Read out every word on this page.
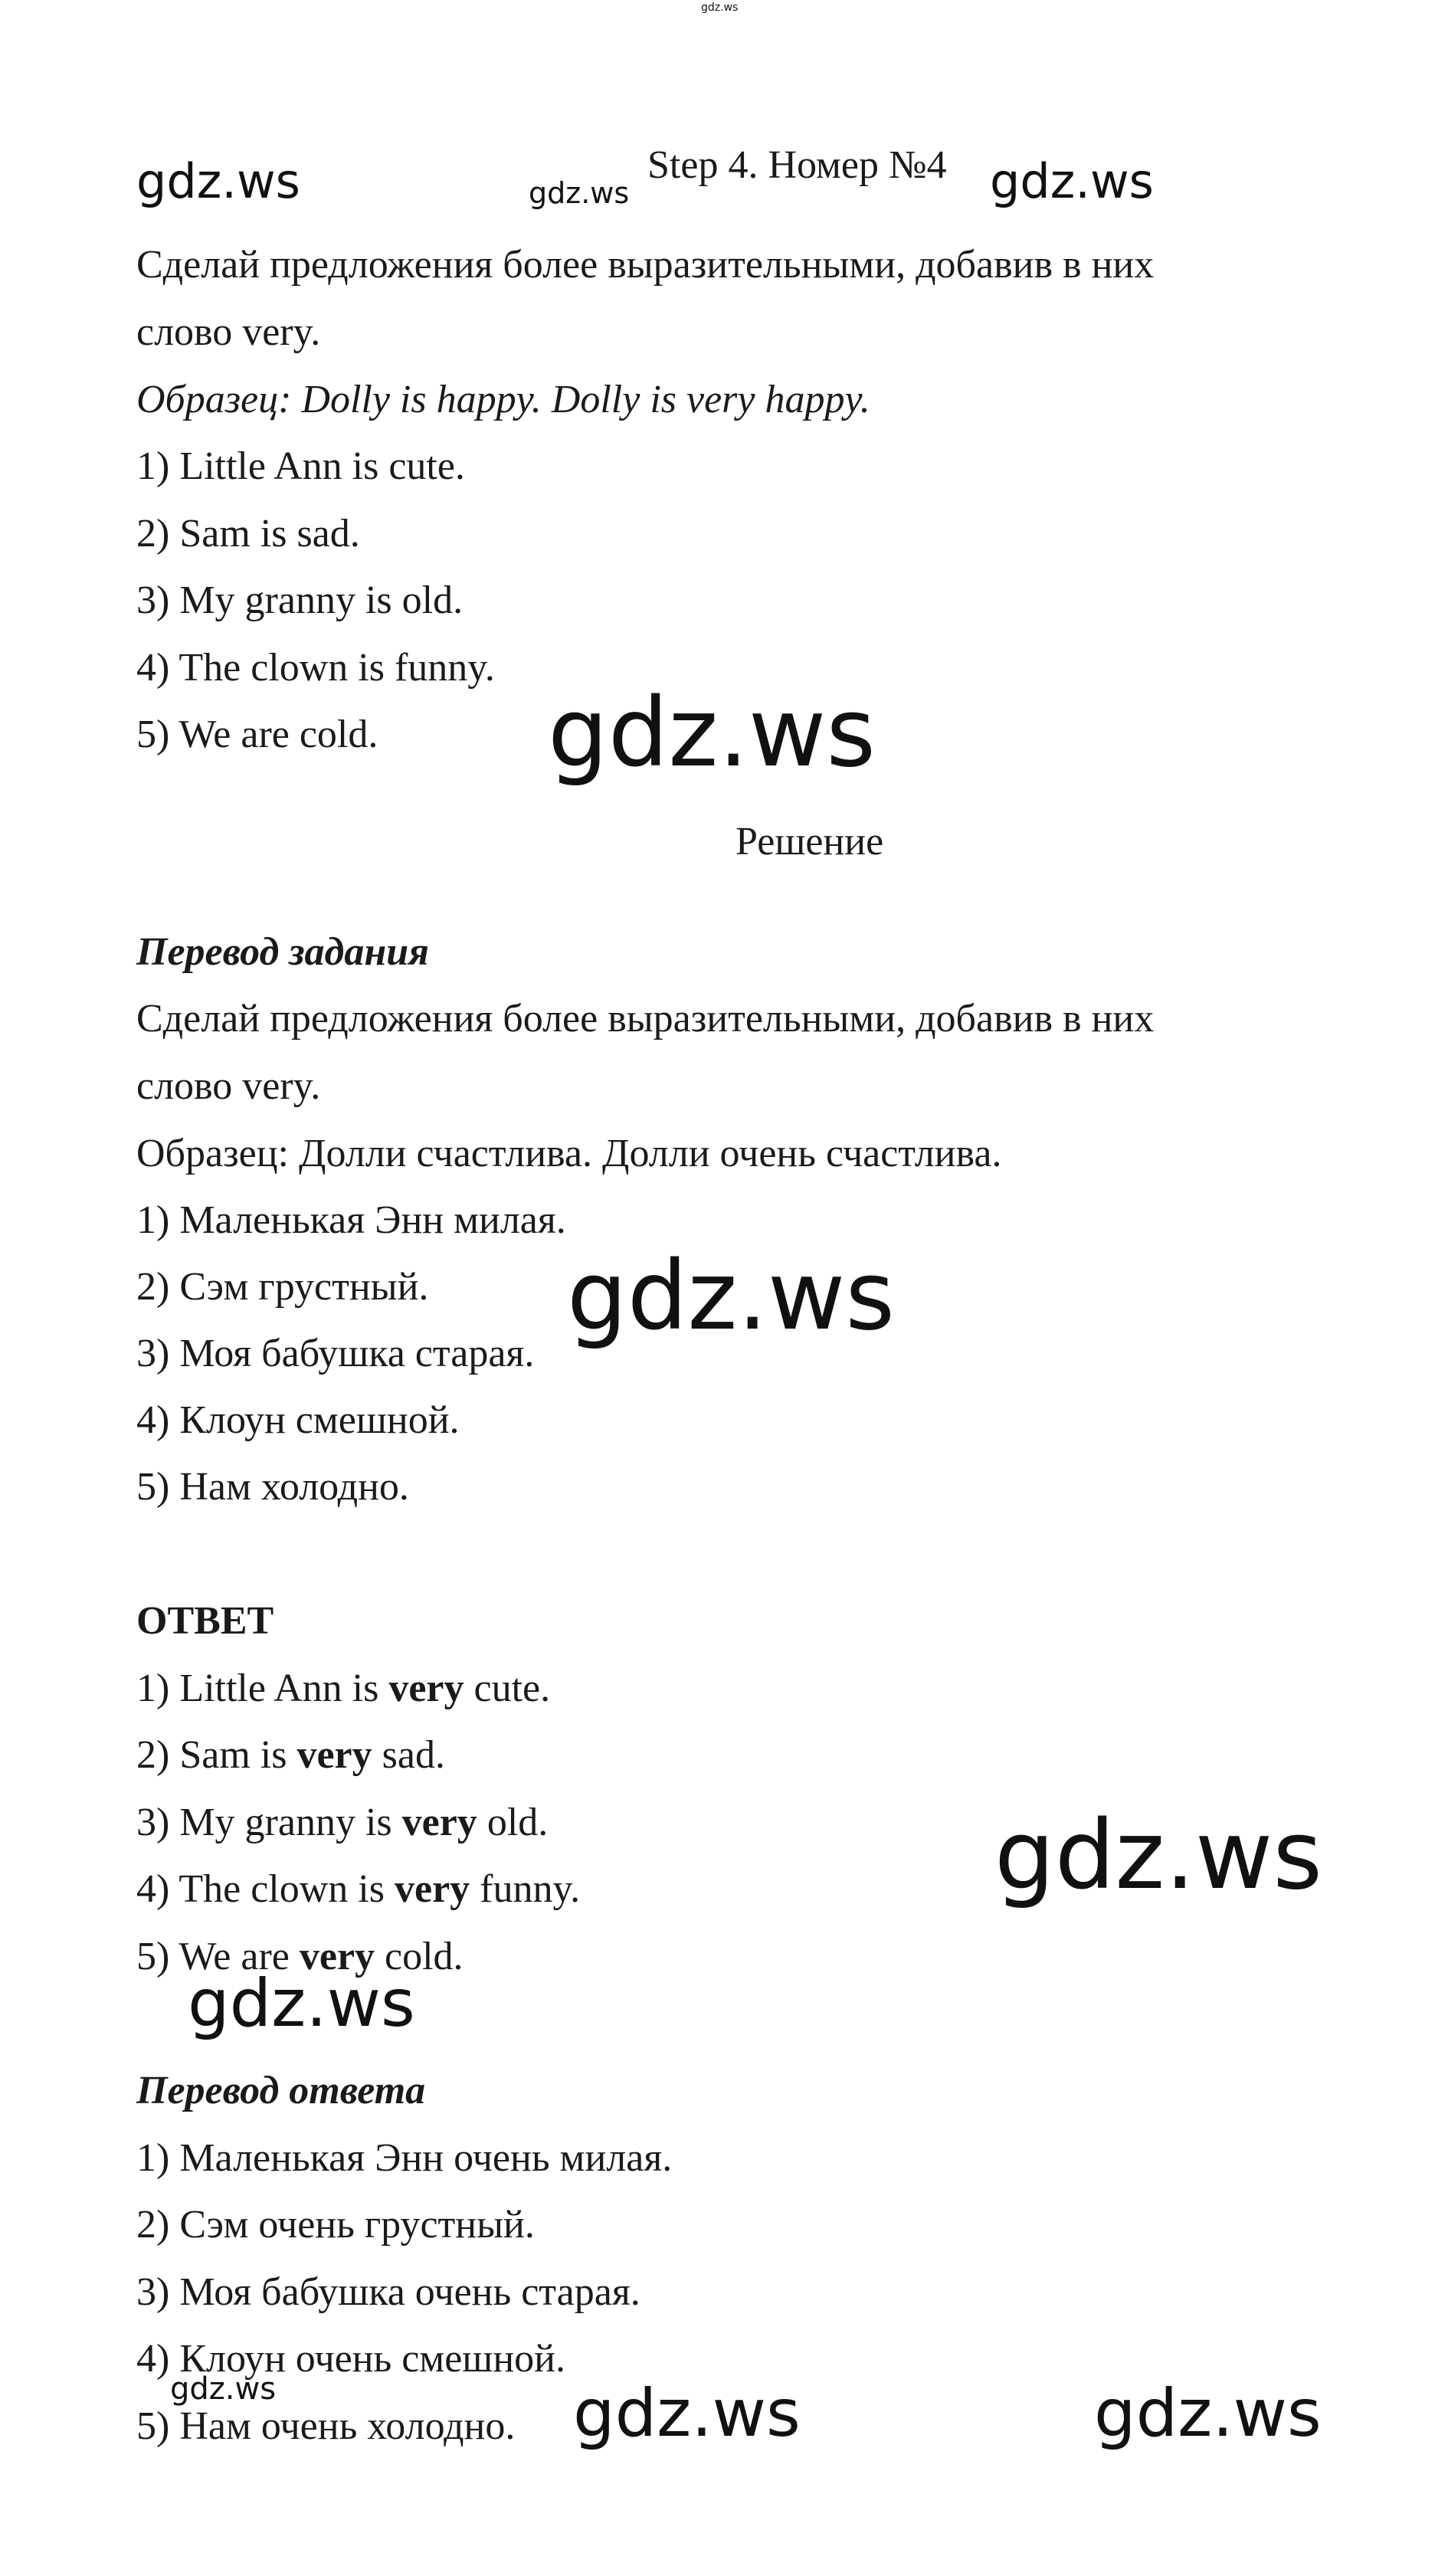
gdz.ws
gdz.ws	gdz.ws	gdz.ws
Step 4. Номер №4
Сделай предложения более выразительными, добавив в них
слово very.
Образец: Dolly is happy. Dolly is very happy.
1) Little Ann is cute.
2) Sam is sad.
3) My granny is old.
4) The clown is funny.
5) We are cold. gdz.ws
Решение
Перевод задания
Сделай предложения более выразительными, добавив в них
слово very.
Образец: Долли счастлива. Долли очень счастлива.
1) Маленькая Энн милая.
2) Сэм грустный.
3) Моя бабушка старая.
4) Клоун смешной.
5) Нам холодно.
gdz.ws
ОТВЕТ
1) Little Ann is very cute.
2) Sam is very sad.
3) My granny is very old.
4) The clown is very funny.
5) We are very cold.
gdz.ws
gdz.ws
Перевод ответа
1) Маленькая Энн очень милая.
2) Сэм очень грустный.
3) Моя бабушка очень старая.
4) Клоун очень смешной.
5) Нам очень холодно.
gdz.ws	gdz.ws	gdz.ws
